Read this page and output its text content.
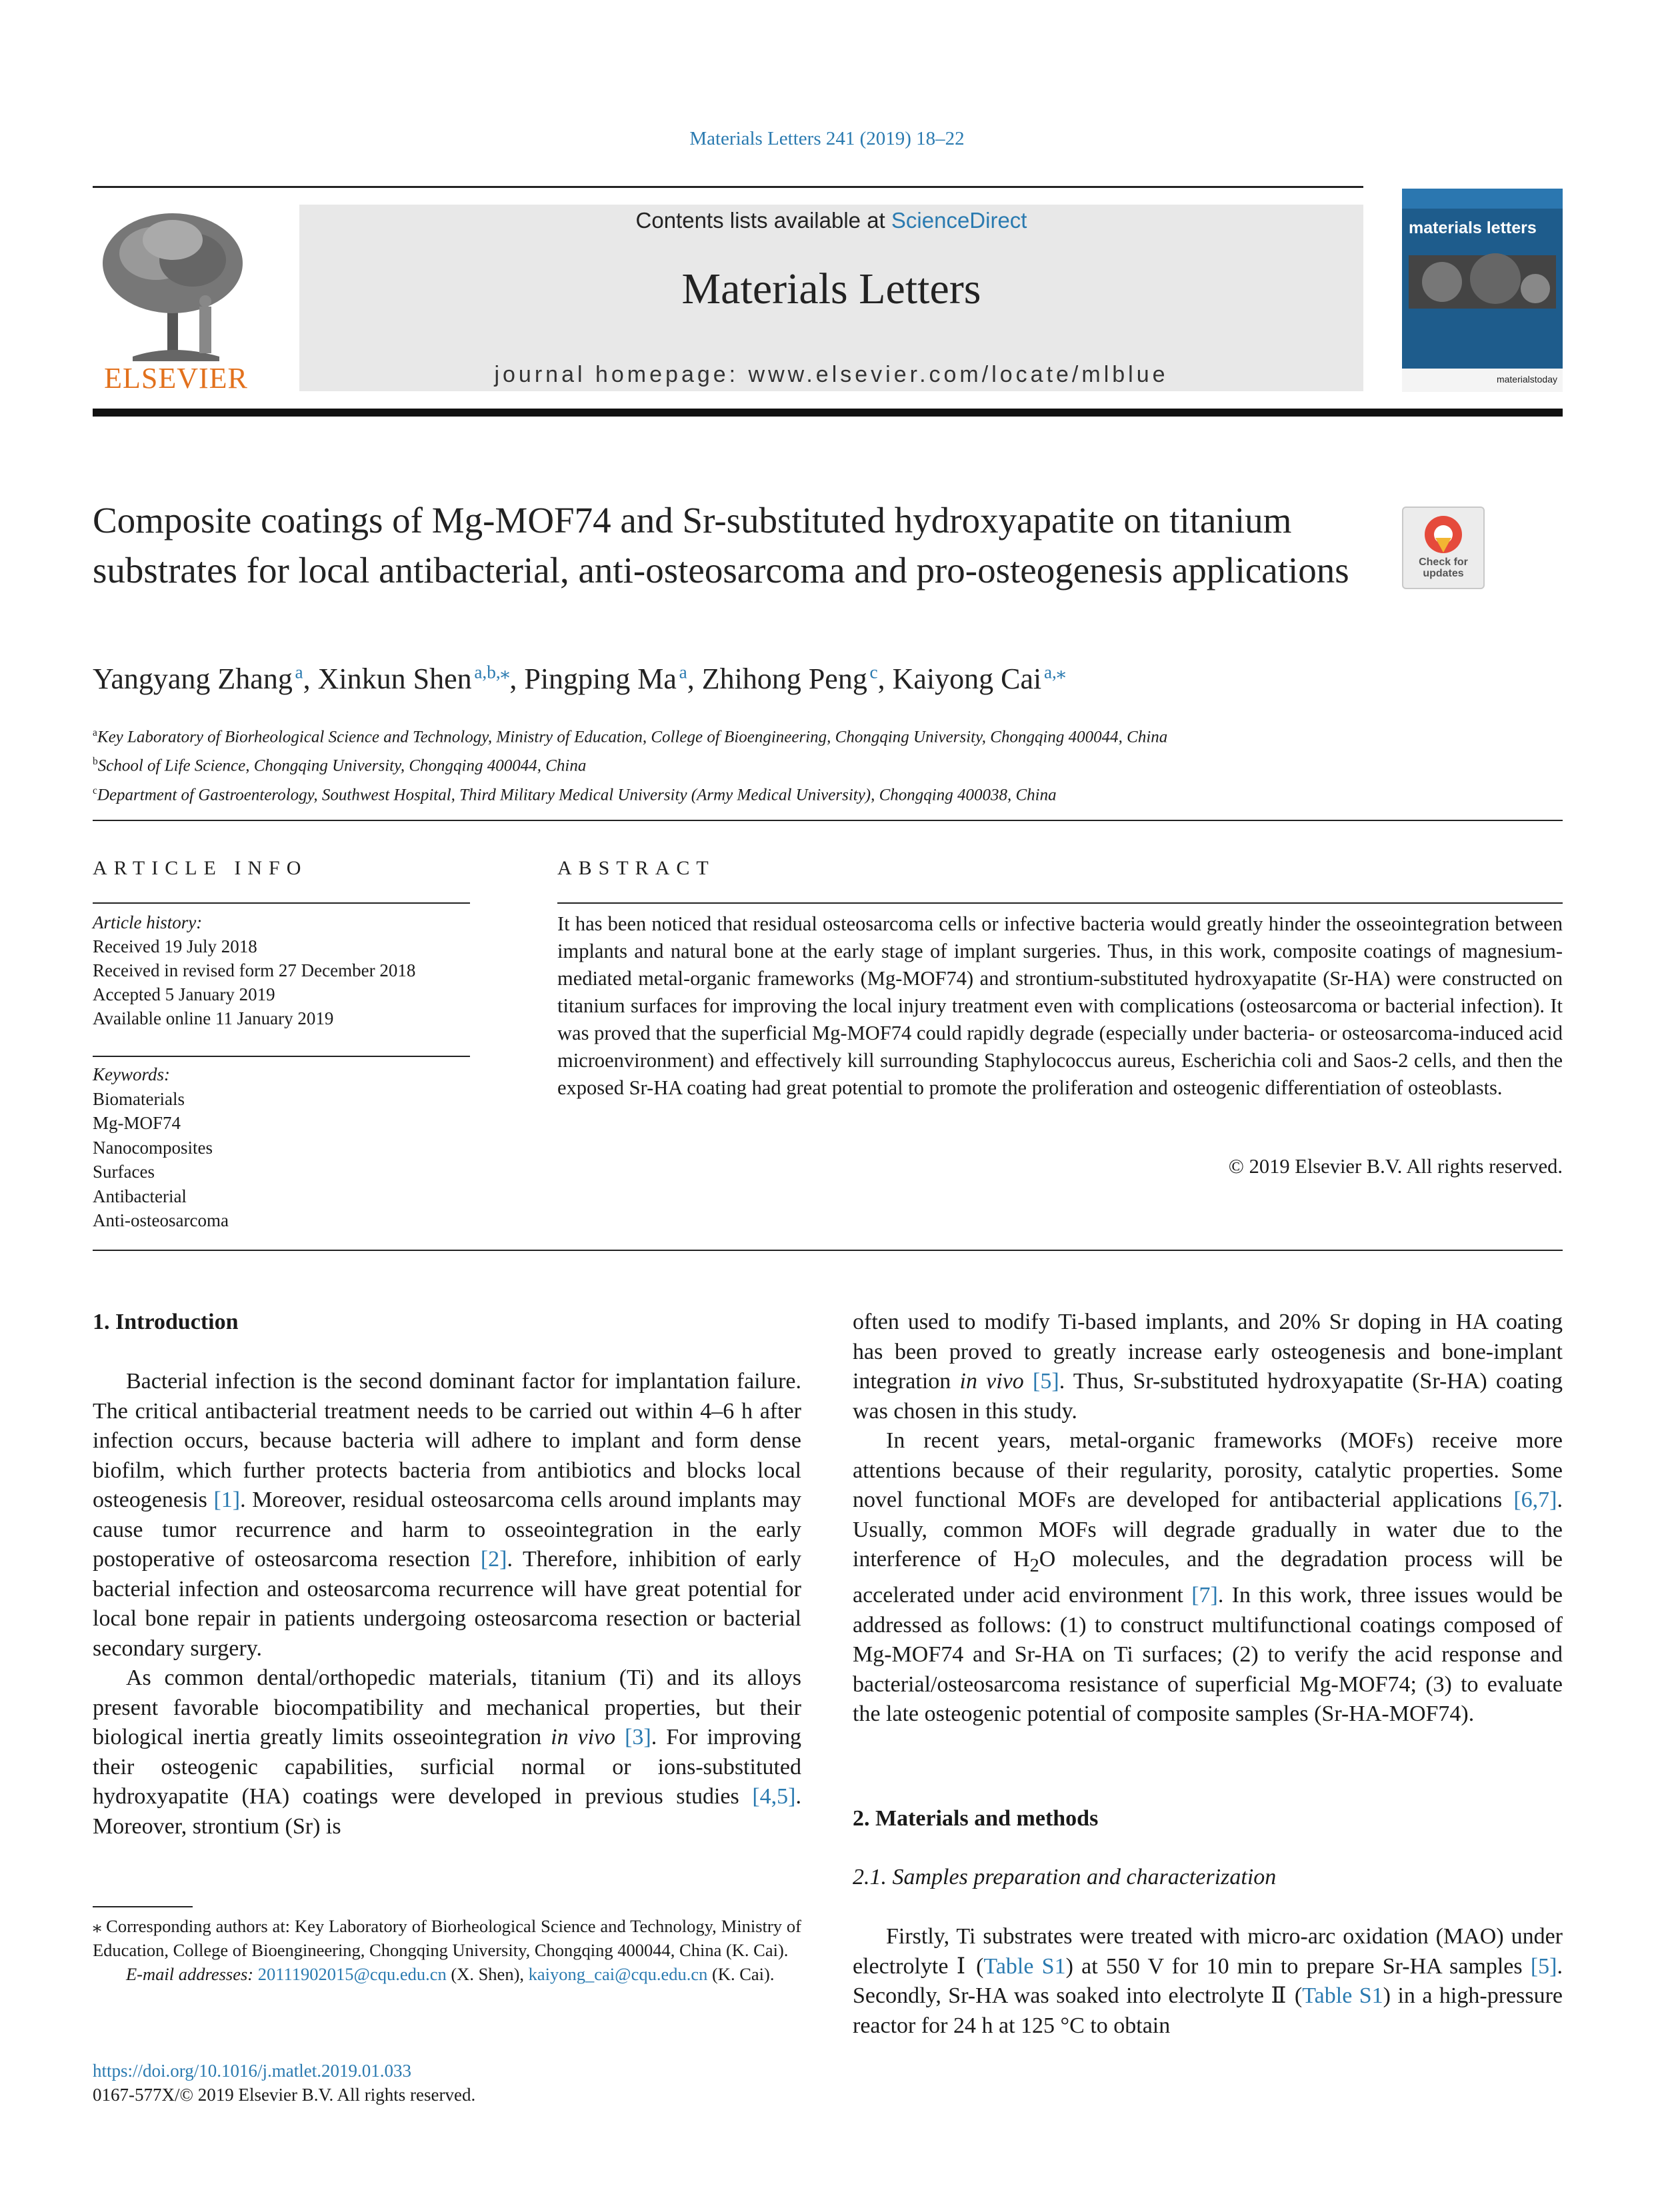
Materials Letters 241 (2019) 18–22
ELSEVIER
Contents lists available at ScienceDirect
Materials Letters
journal homepage: www.elsevier.com/locate/mlblue
materials letters
materialstoday
Composite coatings of Mg-MOF74 and Sr-substituted hydroxyapatite on titanium substrates for local antibacterial, anti-osteosarcoma and pro-osteogenesis applications	Check for
updates
Yangyang Zhang  $^a$, Xinkun Shen  $^{a,b,⁎}$, Pingping Ma  $^a$, Zhihong Peng  $^c$, Kaiyong Cai  $^{a,⁎}$
$^a$Key Laboratory of Biorheological Science and Technology, Ministry of Education, College of Bioengineering, Chongqing University, Chongqing 400044, China
$^b$School of Life Science, Chongqing University, Chongqing 400044, China
$^c$Department of Gastroenterology, Southwest Hospital, Third Military Medical University (Army Medical University), Chongqing 400038, China
ARTICLE INFO	ABSTRACT
Article history:
Received 19 July 2018
Received in revised form 27 December 2018
Accepted 5 January 2019
Available online 11 January 2019
Keywords:
Biomaterials
Mg-MOF74
Nanocomposites
Surfaces
Antibacterial
Anti-osteosarcoma
It has been noticed that residual osteosarcoma cells or infective bacteria would greatly hinder the osseointegration between implants and natural bone at the early stage of implant surgeries. Thus, in this work, composite coatings of magnesium-mediated metal-organic frameworks (Mg-MOF74) and strontium-substituted hydroxyapatite (Sr-HA) were constructed on titanium surfaces for improving the local injury treatment even with complications (osteosarcoma or bacterial infection). It was proved that the superficial Mg-MOF74 could rapidly degrade (especially under bacteria- or osteosarcoma-induced acid microenvironment) and effectively kill surrounding Staphylococcus aureus, Escherichia coli and Saos-2 cells, and then the exposed Sr-HA coating had great potential to promote the proliferation and osteogenic differentiation of osteoblasts.
© 2019 Elsevier B.V. All rights reserved.
1. Introduction

Bacterial infection is the second dominant factor for implantation failure. The critical antibacterial treatment needs to be carried out within 4–6 h after infection occurs, because bacteria will adhere to implant and form dense biofilm, which further protects bacteria from antibiotics and blocks local osteogenesis [1]. Moreover, residual osteosarcoma cells around implants may cause tumor recurrence and harm to osseointegration in the early postoperative of osteosarcoma resection [2]. Therefore, inhibition of early bacterial infection and osteosarcoma recurrence will have great potential for local bone repair in patients undergoing osteosarcoma resection or bacterial secondary surgery.

As common dental/orthopedic materials, titanium (Ti) and its alloys present favorable biocompatibility and mechanical properties, but their biological inertia greatly limits osseointegration in vivo [3]. For improving their osteogenic capabilities, surficial normal or ions-substituted hydroxyapatite (HA) coatings were developed in previous studies [4,5]. Moreover, strontium (Sr) is

⁎ Corresponding authors at: Key Laboratory of Biorheological Science and Technology, Ministry of Education, College of Bioengineering, Chongqing University, Chongqing 400044, China (K. Cai).
E-mail addresses: 20111902015@cqu.edu.cn (X. Shen), kaiyong_cai@cqu.edu.cn (K. Cai).
https://doi.org/10.1016/j.matlet.2019.01.033
0167-577X/© 2019 Elsevier B.V. All rights reserved.

often used to modify Ti-based implants, and 20% Sr doping in HA coating has been proved to greatly increase early osteogenesis and bone-implant integration in vivo [5]. Thus, Sr-substituted hydroxyapatite (Sr-HA) coating was chosen in this study.

In recent years, metal-organic frameworks (MOFs) receive more attentions because of their regularity, porosity, catalytic properties. Some novel functional MOFs are developed for antibacterial applications [6,7]. Usually, common MOFs will degrade gradually in water due to the interference of $H_2O$ molecules, and the degradation process will be accelerated under acid environment [7]. In this work, three issues would be addressed as follows: (1) to construct multifunctional coatings composed of Mg-MOF74 and Sr-HA on Ti surfaces; (2) to verify the acid response and bacterial/osteosarcoma resistance of superficial Mg-MOF74; (3) to evaluate the late osteogenic potential of composite samples (Sr-HA-MOF74).

2. Materials and methods
2.1. Samples preparation and characterization

Firstly, Ti substrates were treated with micro-arc oxidation (MAO) under electrolyte Ⅰ (Table S1) at 550 V for 10 min to prepare Sr-HA samples [5]. Secondly, Sr-HA was soaked into electrolyte Ⅱ (Table S1) in a high-pressure reactor for 24 h at 125 °C to obtain
